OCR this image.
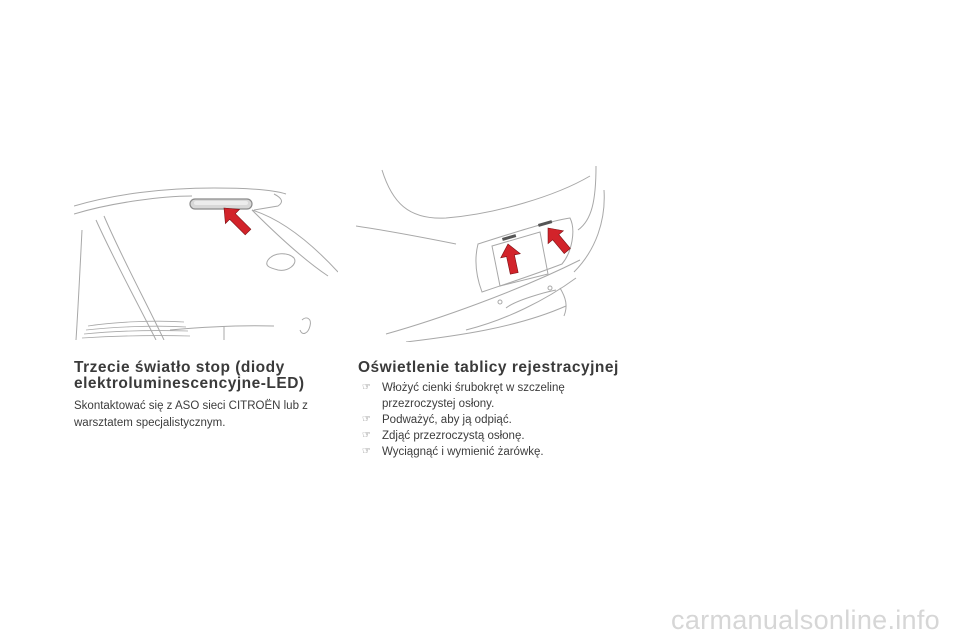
Trzecie światło stop (diody elektroluminescencyjne-LED)

Skontaktować się z ASO sieci CITROËN lub z warsztatem specjalistycznym.

Oświetlenie tablicy rejestracyjnej
☞ Włożyć cienki śrubokręt w szczelinę przezroczystej osłony.
☞ Podważyć, aby ją odpiąć.
☞ Zdjąć przezroczystą osłonę.
☞ Wyciągnąć i wymienić żarówkę.
carmanualsonline.info
